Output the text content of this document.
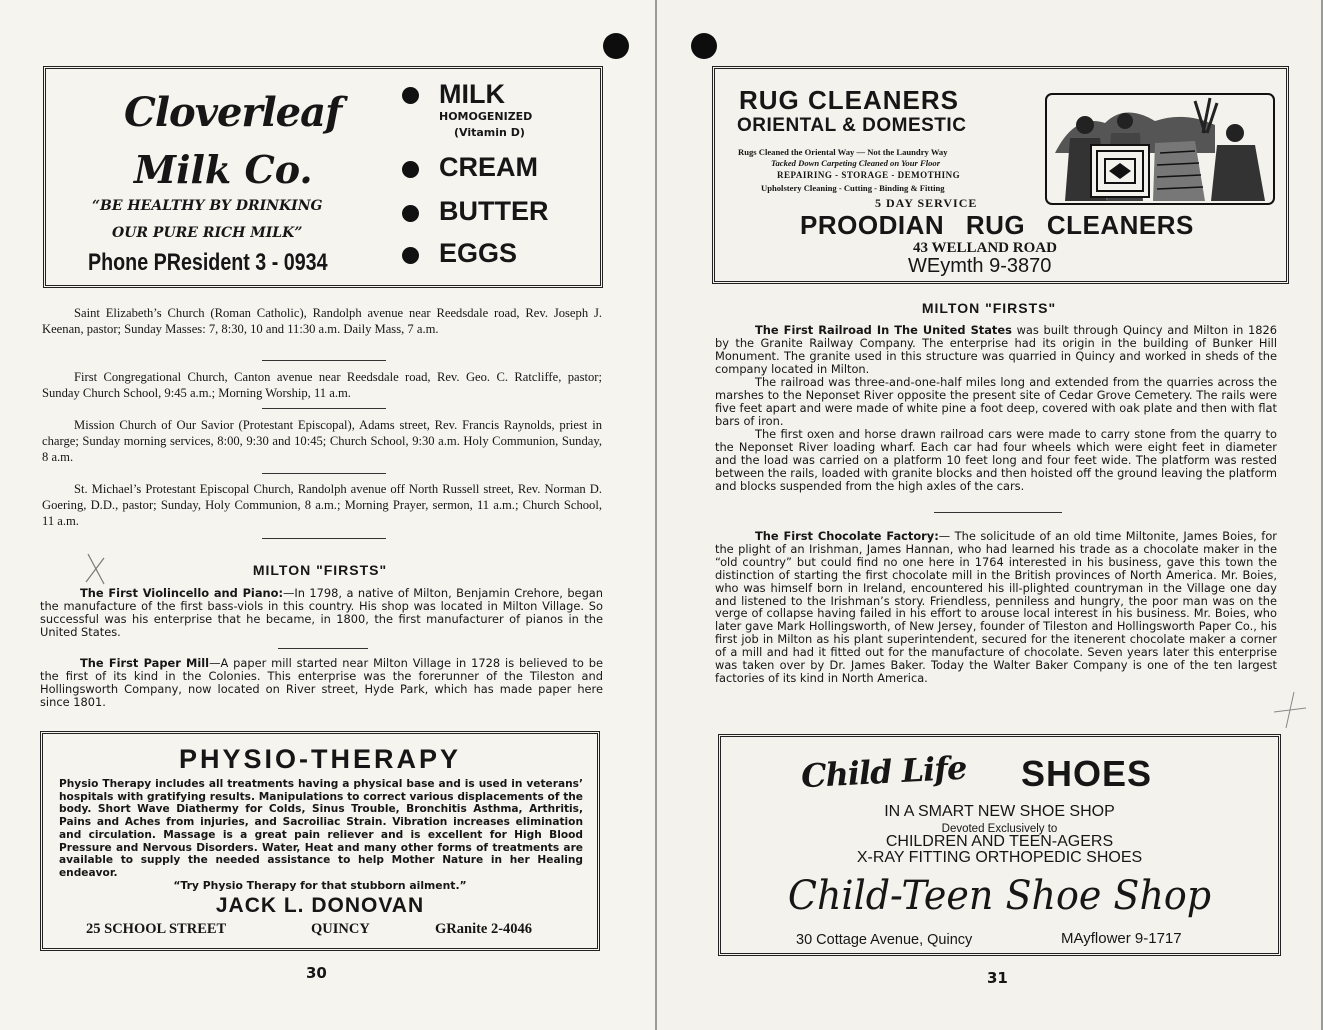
Cloverleaf
Milk Co.
“BE HEALTHY BY DRINKING
OUR PURE RICH MILK”
Phone PResident 3 - 0934
MILK
HOMOGENIZED
(Vitamin D)
CREAM
BUTTER
EGGS

Saint Elizabeth’s Church (Roman Catholic), Randolph avenue near Reedsdale road, Rev. Joseph J. Keenan, pastor; Sunday Masses: 7, 8:30, 10 and 11:30 a.m. Daily Mass, 7 a.m.

First Congregational Church, Canton avenue near Reedsdale road, Rev. Geo. C. Ratcliffe, pastor; Sunday Church School, 9:45 a.m.; Morning Worship, 11 a.m.

Mission Church of Our Savior (Protestant Episcopal), Adams street, Rev. Francis Raynolds, priest in charge; Sunday morning services, 8:00, 9:30 and 10:45; Church School, 9:30 a.m. Holy Communion, Sunday, 8 a.m.

St. Michael’s Protestant Episcopal Church, Randolph avenue off North Russell street, Rev. Norman D. Goering, D.D., pastor; Sunday, Holy Communion, 8 a.m.; Morning Prayer, sermon, 11 a.m.; Church School, 11 a.m.

MILTON "FIRSTS"

The First Violincello and Piano:—In 1798, a native of Milton, Benjamin Crehore, began the manufacture of the first bass-viols in this country. His shop was located in Milton Village. So successful was his enterprise that he became, in 1800, the first manufacturer of pianos in the United States.

The First Paper Mill—A paper mill started near Milton Village in 1728 is believed to be the first of its kind in the Colonies. This enterprise was the forerunner of the Tileston and Hollingsworth Company, now located on River street, Hyde Park, which has made paper here since 1801.

PHYSIO-THERAPY

Physio Therapy includes all treatments having a physical base and is used in veterans’ hospitals with gratifying results. Manipulations to correct various displacements of the body. Short Wave Diathermy for Colds, Sinus Trouble, Bronchitis Asthma, Arthritis, Pains and Aches from injuries, and Sacroiliac Strain. Vibration increases elimination and circulation. Massage is a great pain reliever and is excellent for High Blood Pressure and Nervous Disorders. Water, Heat and many other forms of treatments are available to supply the needed assistance to help Mother Nature in her Healing endeavor.

“Try Physio Therapy for that stubborn ailment.”
JACK L. DONOVAN
25 SCHOOL STREET	QUINCY	GRanite 2-4046
30
RUG CLEANERS
ORIENTAL & DOMESTIC
Rugs Cleaned the Oriental Way — Not the Laundry Way
Tacked Down Carpeting Cleaned on Your Floor
REPAIRING - STORAGE - DEMOTHING
Upholstery Cleaning - Cutting - Binding & Fitting
5 DAY SERVICE
PROODIAN RUG CLEANERS
43 WELLAND ROAD
WEymth 9-3870
MILTON "FIRSTS"

The First Railroad In The United States was built through Quincy and Milton in 1826 by the Granite Railway Company. The enterprise had its origin in the building of Bunker Hill Monument. The granite used in this structure was quarried in Quincy and worked in sheds of the company located in Milton.

The railroad was three-and-one-half miles long and extended from the quarries across the marshes to the Neponset River opposite the present site of Cedar Grove Cemetery. The rails were five feet apart and were made of white pine a foot deep, covered with oak plate and then with flat bars of iron.

The first oxen and horse drawn railroad cars were made to carry stone from the quarry to the Neponset River loading wharf. Each car had four wheels which were eight feet in diameter and the load was carried on a platform 10 feet long and four feet wide. The platform was rested between the rails, loaded with granite blocks and then hoisted off the ground leaving the platform and blocks suspended from the high axles of the cars.

The First Chocolate Factory:— The solicitude of an old time Miltonite, James Boies, for the plight of an Irishman, James Hannan, who had learned his trade as a chocolate maker in the “old country” but could find no one here in 1764 interested in his business, gave this town the distinction of starting the first chocolate mill in the British provinces of North America. Mr. Boies, who was himself born in Ireland, encountered his ill-plighted countryman in the Village one day and listened to the Irishman’s story. Friendless, penniless and hungry, the poor man was on the verge of collapse having failed in his effort to arouse local interest in his business. Mr. Boies, who later gave Mark Hollingsworth, of New Jersey, founder of Tileston and Hollingsworth Paper Co., his first job in Milton as his plant superintendent, secured for the itenerent chocolate maker a corner of a mill and had it fitted out for the manufacture of chocolate. Seven years later this enterprise was taken over by Dr. James Baker. Today the Walter Baker Company is one of the ten largest factories of its kind in North America.

Child Life SHOES
IN A SMART NEW SHOE SHOP
Devoted Exclusively to
CHILDREN AND TEEN-AGERS
X-RAY FITTING ORTHOPEDIC SHOES
Child-Teen Shoe Shop
30 Cottage Avenue, Quincy	MAyflower 9-1717
31
